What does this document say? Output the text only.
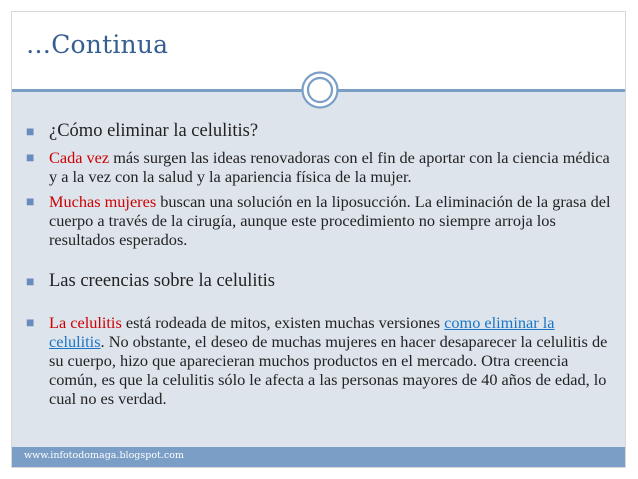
…Continua
■ ¿Cómo eliminar la celulitis?
■ Cada vez más surgen las ideas renovadoras con el fin de aportar con la ciencia médica y a la vez con la salud y la apariencia física de la mujer.
■ Muchas mujeres buscan una solución en la liposucción. La eliminación de la grasa del cuerpo a través de la cirugía, aunque este procedimiento no siempre arroja los resultados esperados.
■ Las creencias sobre la celulitis
■ La celulitis está rodeada de mitos, existen muchas versiones como eliminar la celulitis. No obstante, el deseo de muchas mujeres en hacer desaparecer la celulitis de su cuerpo, hizo que aparecieran muchos productos en el mercado. Otra creencia común, es que la celulitis sólo le afecta a las personas mayores de 40 años de edad, lo cual no es verdad.
www.infotodomaga.blogspot.com
